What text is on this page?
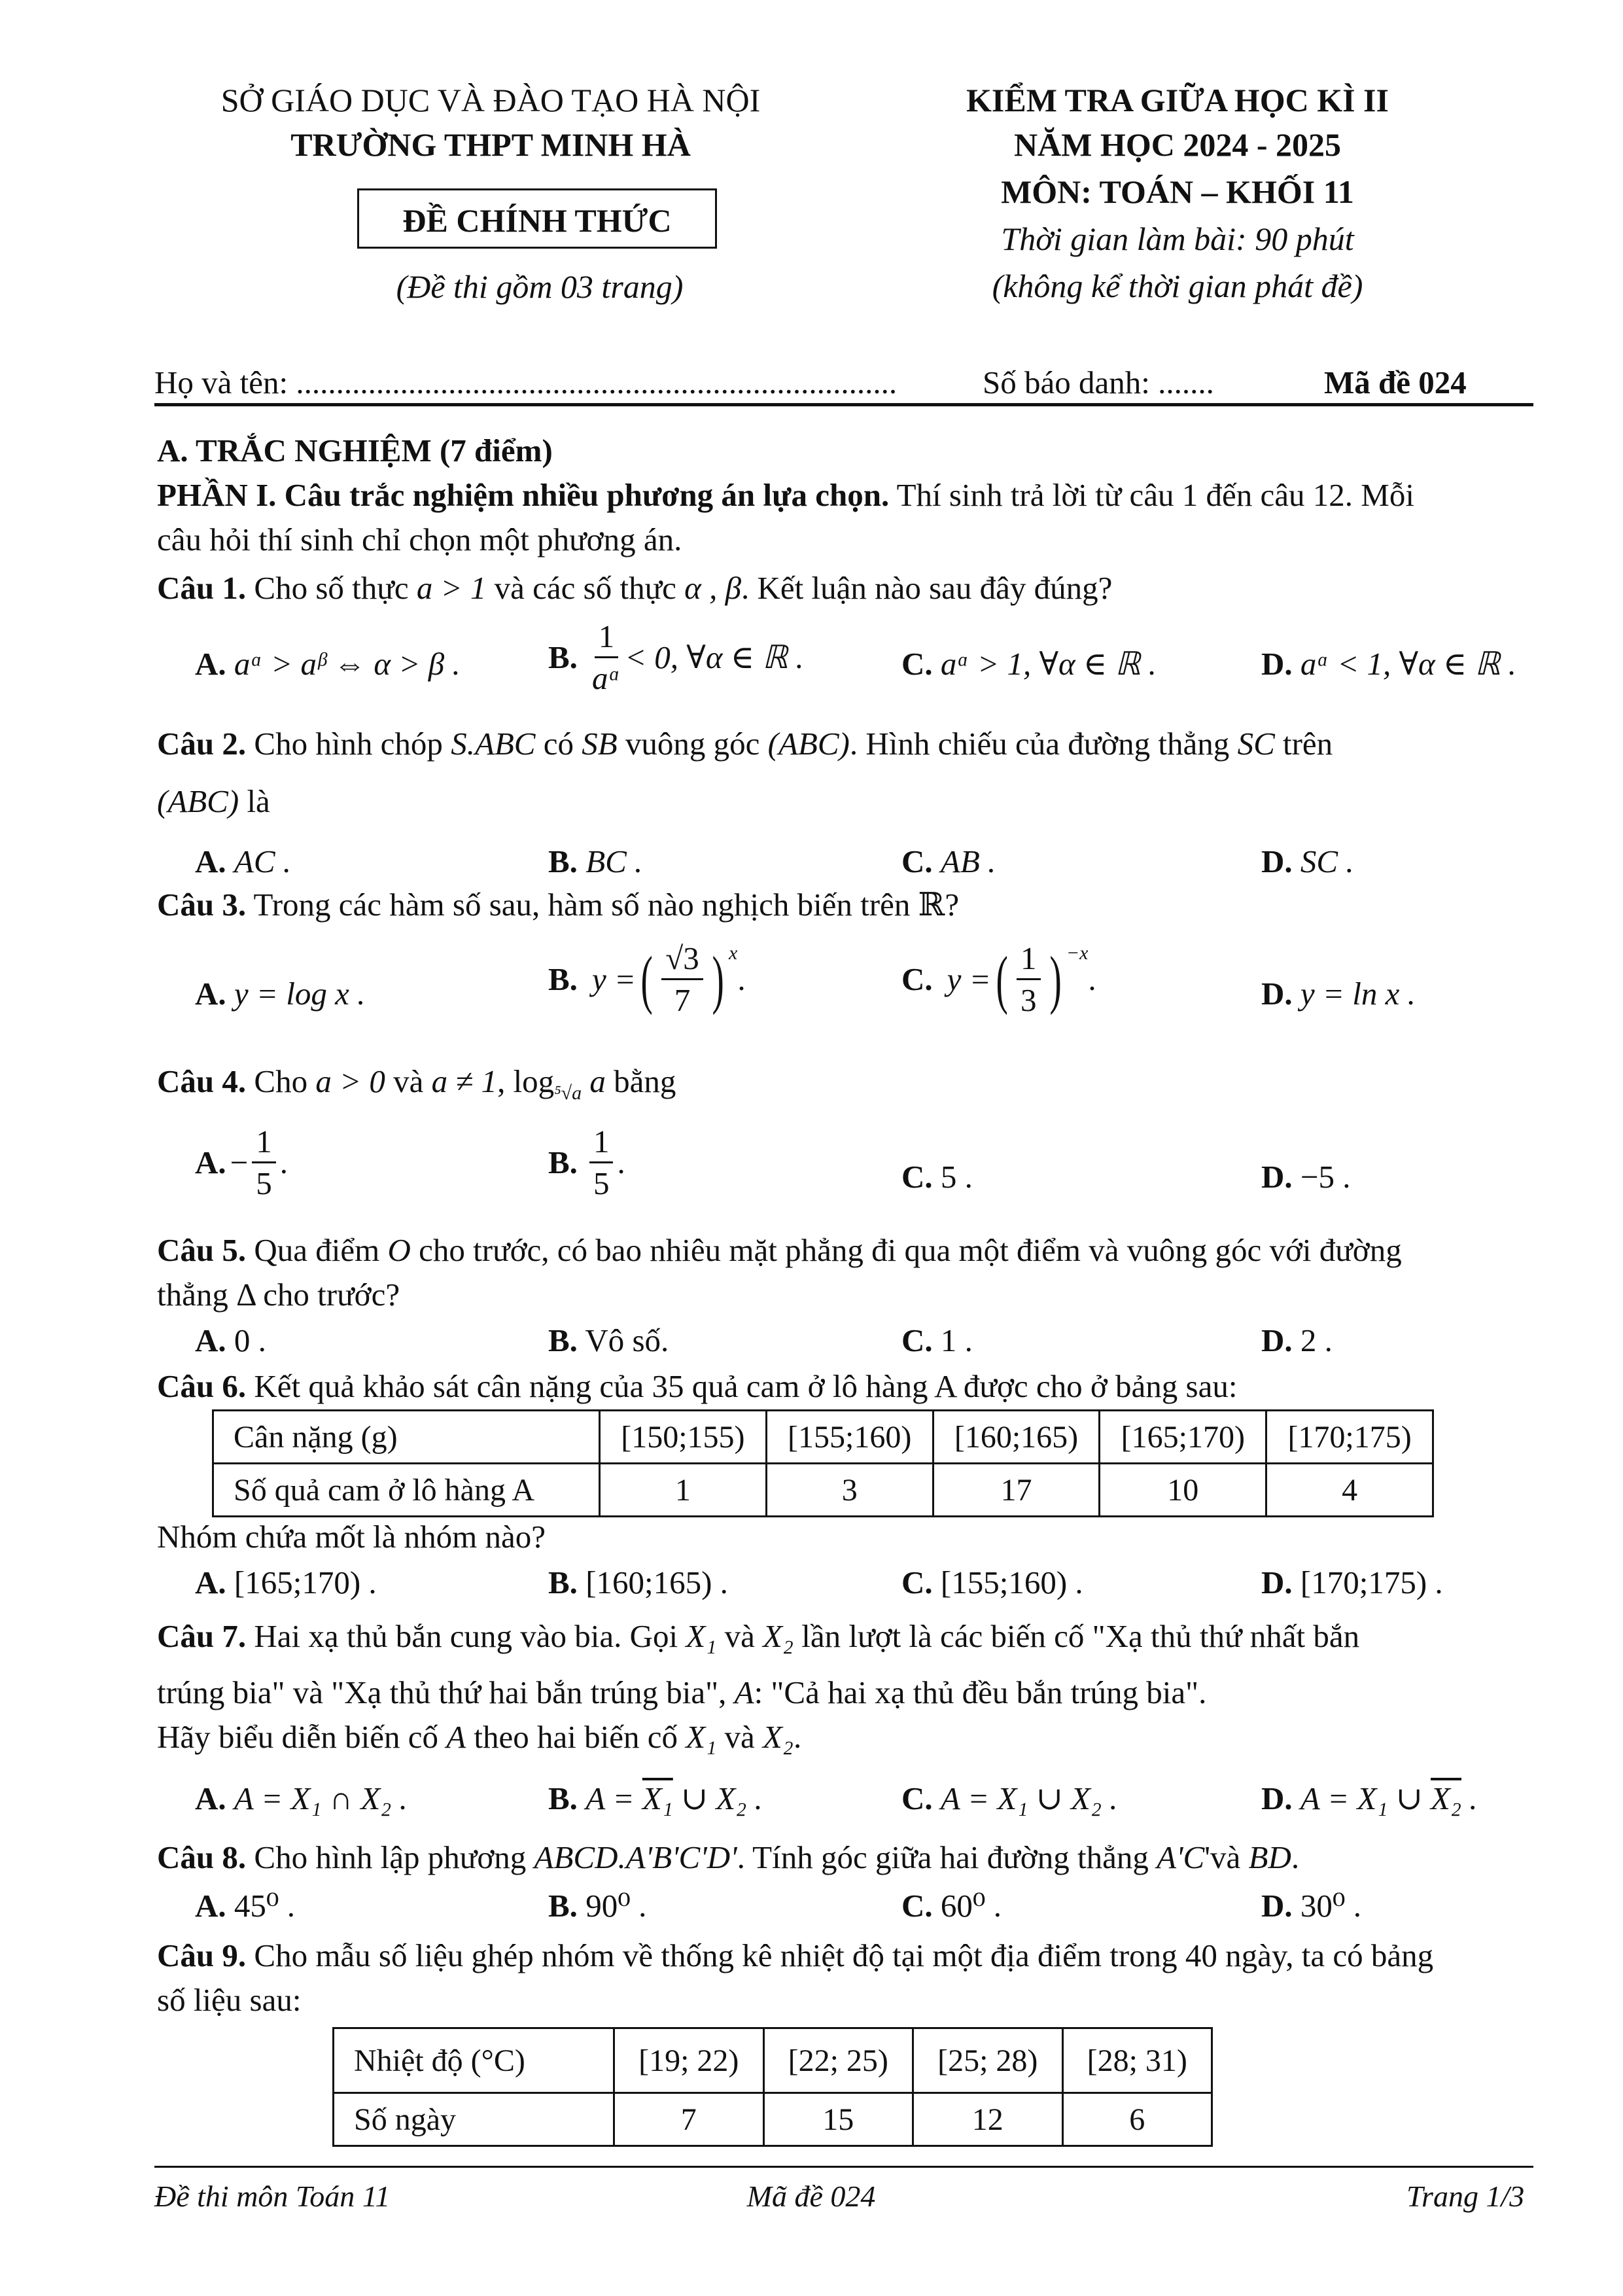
SỞ GIÁO DỤC VÀ ĐÀO TẠO HÀ NỘI
TRƯỜNG THPT MINH HÀ
ĐỀ CHÍNH THỨC
(Đề thi gồm 03 trang)
KIỂM TRA GIỮA HỌC KÌ II
NĂM HỌC 2024 - 2025
MÔN: TOÁN – KHỐI 11
Thời gian làm bài: 90 phút
(không kể thời gian phát đề)
Họ và tên: ...........................................................................	Số báo danh: .......	Mã đề 024
A. TRẮC NGHIỆM (7 điểm)
PHẦN I. Câu trắc nghiệm nhiều phương án lựa chọn. Thí sinh trả lời từ câu 1 đến câu 12. Mỗi
câu hỏi thí sinh chỉ chọn một phương án.
Câu 1. Cho số thực a > 1 và các số thực α , β. Kết luận nào sau đây đúng?
A. aᵅ > aᵝ ⇔ α > β .	B. $\frac{1}{\text{aᵅ}} < 0$, ∀α ∈ ℝ .	C. aᵅ > 1, ∀α ∈ ℝ .	D. aᵅ < 1, ∀α ∈ ℝ .
Câu 2. Cho hình chóp S.ABC có SB vuông góc (ABC). Hình chiếu của đường thẳng SC trên
(ABC) là
A. AC .	B. BC .	C. AB .	D. SC .
Câu 3. Trong các hàm số sau, hàm số nào nghịch biến trên ℝ?
A. y = log x .	B. y = ( $\frac{√3}{7} )^x$
.	C. y = ( $\frac{1}{3} )^{-x}$
.	D. y = ln x .
Câu 4. Cho a > 0 và a ≠ 1, $\log_{^5√a} a$ bằng
A. − $\frac{1}{5}$ .	B. $\frac{1}{5}$ .	C. 5 .	D. −5 .
Câu 5. Qua điểm O cho trước, có bao nhiêu mặt phẳng đi qua một điểm và vuông góc với đường
thẳng Δ cho trước?
A. 0 .	B. Vô số.	C. 1 .	D. 2 .
Câu 6. Kết quả khảo sát cân nặng của 35 quả cam ở lô hàng A được cho ở bảng sau:
Cân nặng (g)	[150;155)	[155;160)	[160;165)	[165;170)	[170;175)
Số quả cam ở lô hàng A	1	3	17	10	4
Nhóm chứa mốt là nhóm nào?
A. [165;170) .	B. [160;165) .	C. [155;160) .	D. [170;175) .
Câu 7. Hai xạ thủ bắn cung vào bia. Gọi X₁ và X₂ lần lượt là các biến cố "Xạ thủ thứ nhất bắn
trúng bia" và "Xạ thủ thứ hai bắn trúng bia", A: "Cả hai xạ thủ đều bắn trúng bia".
Hãy biểu diễn biến cố A theo hai biến cố X₁ và X₂.
A. A = X₁ ∩ X₂ .	B. A = X₁ ∪ X₂ .	C. A = X₁ ∪ X₂ .	D. A = X₁ ∪ X₂ .
Câu 8. Cho hình lập phương ABCD.A'B'C'D'. Tính góc giữa hai đường thẳng A'C'và BD.
A. 45⁰ .	B. 90⁰ .	C. 60⁰ .	D. 30⁰ .
Câu 9. Cho mẫu số liệu ghép nhóm về thống kê nhiệt độ tại một địa điểm trong 40 ngày, ta có bảng
số liệu sau:
Nhiệt độ (°C)	[19; 22)	[22; 25)	[25; 28)	[28; 31)
Số ngày	7	15	12	6
Đề thi môn Toán 11	Mã đề 024	Trang 1/3
